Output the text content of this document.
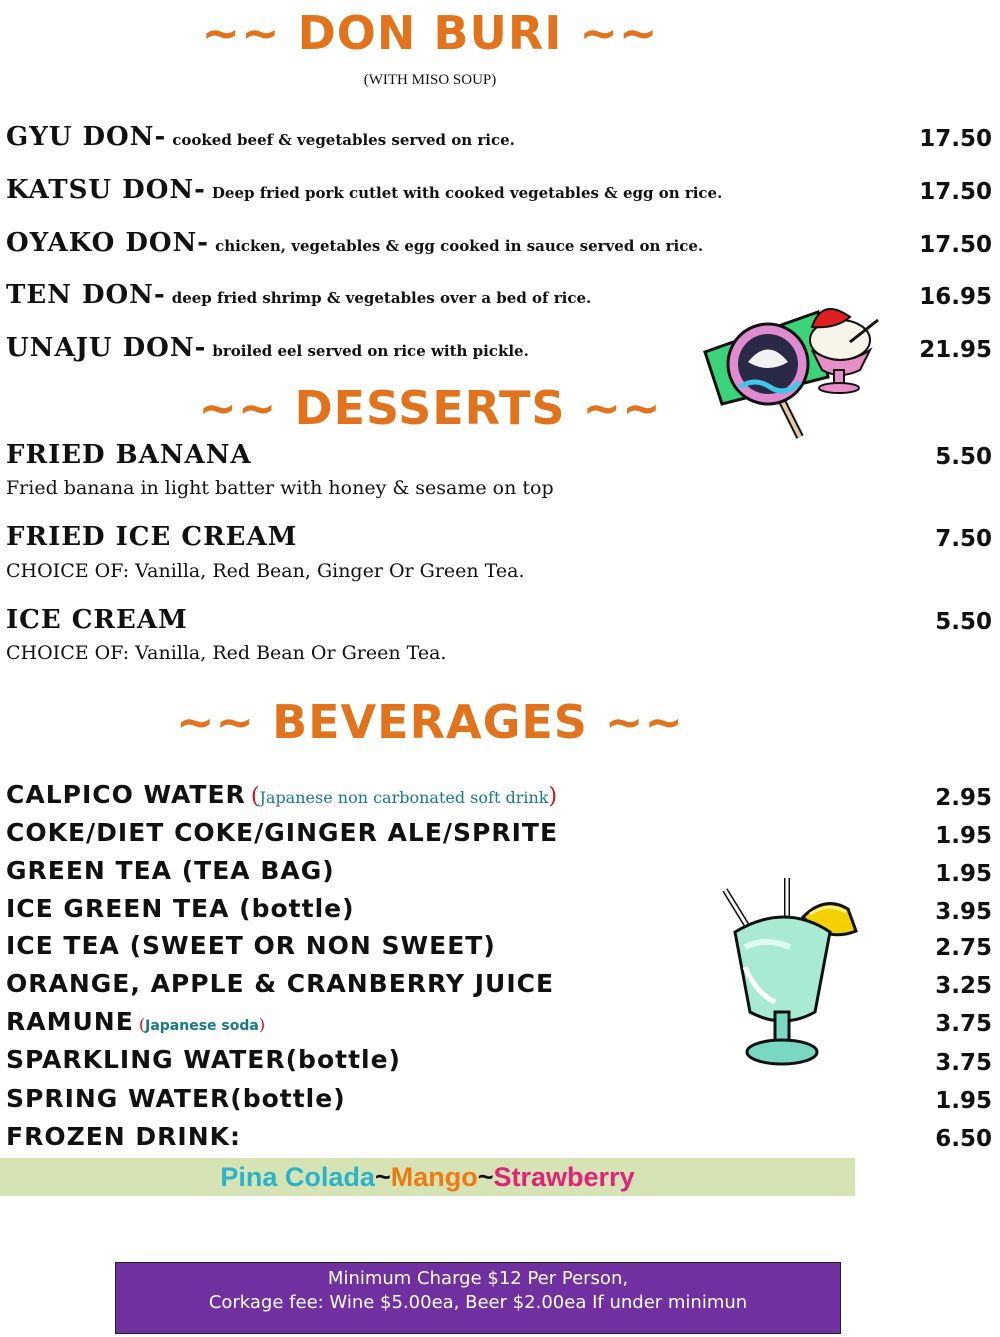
~~ DON BURI ~~
(WITH MISO SOUP)
GYU DON- cooked beef & vegetables served on rice.	17.50
KATSU DON- Deep fried pork cutlet with cooked vegetables & egg on rice.	17.50
OYAKO DON- chicken, vegetables & egg cooked in sauce served on rice.	17.50
TEN DON- deep fried shrimp & vegetables over a bed of rice.	16.95
UNAJU DON- broiled eel served on rice with pickle.	21.95
~~ DESSERTS ~~
FRIED BANANA	5.50
Fried banana in light batter with honey & sesame on top
FRIED ICE CREAM	7.50
CHOICE OF: Vanilla, Red Bean, Ginger Or Green Tea.
ICE CREAM	5.50
CHOICE OF: Vanilla, Red Bean Or Green Tea.
~~ BEVERAGES ~~
CALPICO WATER (Japanese non carbonated soft drink)	2.95
COKE/DIET COKE/GINGER ALE/SPRITE	1.95
GREEN TEA (TEA BAG)	1.95
ICE GREEN TEA (bottle)	3.95
ICE TEA (SWEET OR NON SWEET)	2.75
ORANGE, APPLE & CRANBERRY JUICE	3.25
RAMUNE (Japanese soda)	3.75
SPARKLING WATER(bottle)	3.75
SPRING WATER(bottle)	1.95
FROZEN DRINK:	6.50
Pina Colada~Mango~Strawberry
Minimum Charge $12 Per Person,
Corkage fee: Wine $5.00ea, Beer $2.00ea If under minimun
